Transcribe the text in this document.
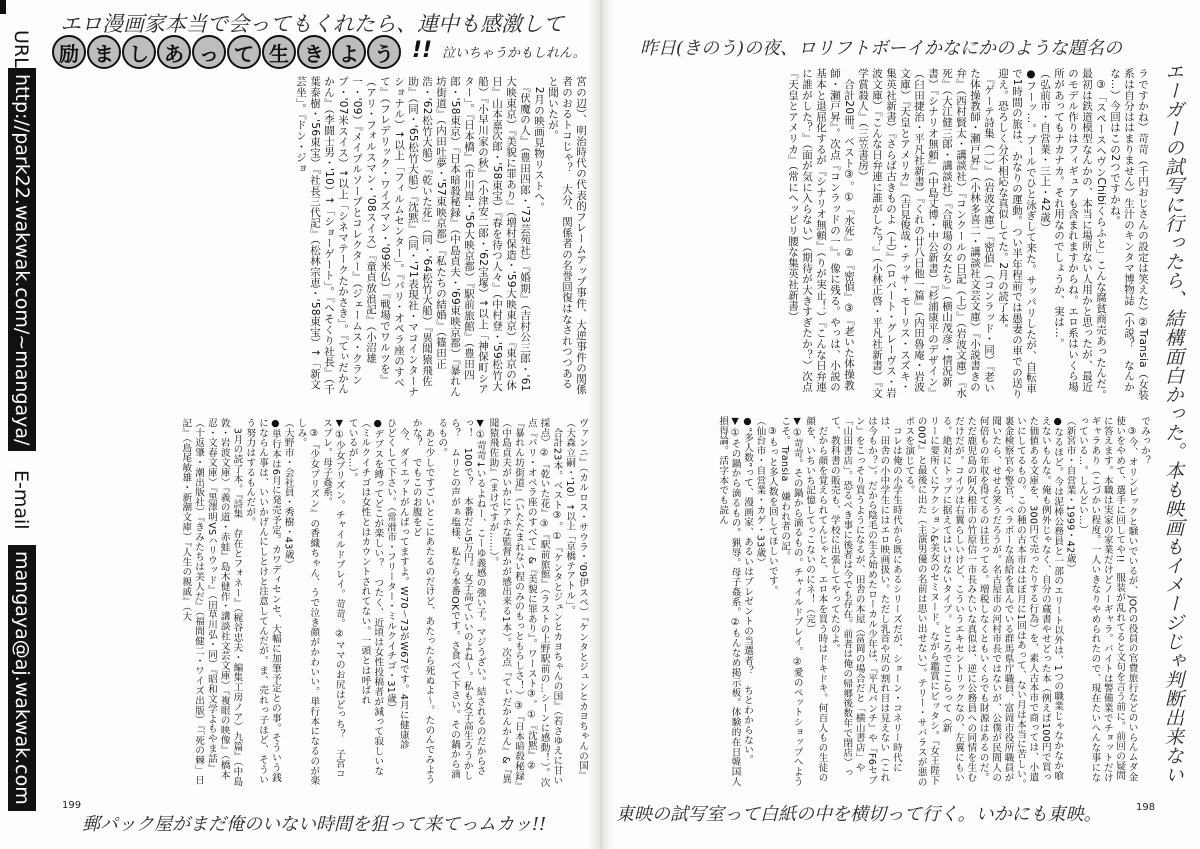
URL
http://park22.wakwak.com/~mangaya/
E-mail
mangaya@aj.wakwak.com
励 ま し あ っ て 生 き よ う !!
エロ漫画家本当で会ってもくれたら、連中も感激して
泣いちゃうかもしれん。	昨日(きのう)の夜、ロリフトボーイかなにかのような題名の
エーガーの試写に行ったら、結構面白かった。本も映画もイメージじゃ判断出来ない
郵パック屋がまだ俺のいない時間を狙って来てっムカッ!!	東映の試写室って白紙の中を横切って行く。いかにも東映。
199	198

宮の辺）、明治時代の代表的フレームアップ事件、大逆事件の関係者のおるトコじゃ？　大分、関係者の名誉回復はなされつつあると聞いたが。

　2月の映画見物リストへ。

　『伏魔の人』（豊田四郎・'73芸苑社）『婚期』（吉村公三郎・'61大映東京）『美貌に罪あり』（増村保造・'59大映東京）『東京の休日』山本嘉次郎・'58東宝）『春を待つ人々』（中村登・'59松竹大船）『小早川家の秋』（小津安二郎・'62宝塚）↑以上「神保町シアター」。『日本橋』（市川崑・'56大映京都）『駅前旅館』（豊田四郎・'58東京）『日本暗殺秘録』（中島貞夫・'69東映京都）『暴れん坊街道』（内田吐夢・'57東映京都）『私たちの結婚』（篠田正浩・'62松竹大船）『乾いた花』（同・'64松竹大船）『異聞猿飛佐助』（同・'65松竹大船）『沈黙』（同・'71表現社・マコインターナショナル）↑以上「フィルムセンター」。『パリ・オペラ座のすべて』（フレデリック・ワイズマン・'09米仏）『戦場でワルツを』（アリ・フォルスマン・'08スイス）『童貞放浪記』（小沼雄一・'09）『メイプルソープとコレクター』（ジェームス・クランプ・'07米スイス）↑以上「シネマテークたかさき」。『てぃだかんかん』（李闘士男・'10）↑「ショーゲート」。『へそくり社長』（千葉泰樹・'56東宝）『社長三代記』（松林宗恵・'58東宝）↑「新文芸坐」。『ドン・ジョ

ヴァンニ』（カルロス・サウラ・'09伊スペ）『ケンタとジュンとカヨちゃんの国』（大森立嗣・'10）↑以上「京橋テアトル」。

　合計23本。ベスト③。①『ケンタとジュンとカヨちゃんの国』（若さゆえに甘い採点）②『乾いた花』③『駅前旅館』（ラストの上野駅前の…シーンに感動！）。次点『パリ・オペラ座のすべて』&『美貌に罪あり』。ワースト③。①『沈黙』②『暴れん坊街道』（いたたまれない程のみのもっともらしさ！）③『日本暗殺秘録』（中島貞夫がいかにアホな監督かが感出来る1本）。次点『てぃだかんかん』&『異聞猿飛佐助』（まけですが……）。

▼①苛苛↓いるよねー、こーゆ義感の強い子。マジうざい。結されるのだからさっ！　100で？　本番だと5万円。女子高ていいのよね〜。私も女子高生ろうかしら？　ムリとの声がぁ塩様、私なら本番OKです。さ食べて下さい。その鍋から滴るもの。

　あと少しですごいとこにあたるのだけど、あたったら死ぬよ〜。たのんでみようかな？　でもこのお腹をど

　今、ダイエットがんばってますよ。W70〜73がW67です。4月に健康診

ひどくして下さい。（常滑市・フリーター・ミルクイチゴ・31歳）

●デブスを縛ってどこが楽しい？　つたく、近頃は女性投稿者が減って寂しいな（ミルクイチゴは女性とはカウントされてない。一頭とは呼ばれ

ているが…）。

▼①少女プリズン。チャイルドプレイ。苛苛。②ママのお尻はどっち？　子宮コスプレ。母子姦系。

　③『少女プリズン』の香織ちゃん、うで泣き顔がかわいい。単行本になるのが楽しみ。

（大野市・会社員・秀樹・43歳）

●単行本は6月に発売予定。カワディセンセ、大幅に加筆予定との事。そういう銭にならん事は、いいかげんにしとけと注意してんだが。ま、売れっ子ほど、そういう努力はするもんだが。

　3月の読了本。『詩集　存在とフォネー』（梶谷忠夫・編集工房ノア）九篇』（中島敦・岩波文庫）『義の道・赤蛙』島木健作・講談社文芸文庫）『複眼の映像』（橋本忍・文春文庫）『黒澤明VSハリウッド』（田草川弘・同）『昭和文学よもやま話』（十返肇・潮出版社）『きみたちは美人だ』（福間健二・ワイズ出版）『「死の棘」日記』（島尾敏雄・新潮文庫）『人生の親戚』（大

ラですかね）苛苛（千円おじさんの設定は笑えた）②Transia（女装系は自分ははまりません）生汁のキンタマ博物誌（小説？　なんかな…）今回はこの2つですかね。

　③「スペースヘヴンChibiくらふと」こんな腐貧商売あったんだ。最初は鉄道模型なんかの、本当に場所ない人用かと思ったが、最近のモデル作りはフィギュアも含まれますからね。エロ系はいくら場所があってもナカナカ。それ用なのでしょうか、実は…。

（弘前市・自営業・三上・42歳）

●フーッ…。プールでひと泳ぎして来た。サッパリしたが、自転車で1時間の旅は、かなりの運動。つい半年程前では愚妻の車での送り迎え。恐ろしく分不相応な真似してた。2月の読了本。

　『ゲーテ詩集（一）』（岩波文庫）『密偵』（コンラッド・同）『老いた体操教師・瀬戸昇』（小林多喜二・講談社文芸文庫）『小説書きの弁』（西村賢太・講談社）『コンクールの日記（上）』（岩波文庫）『水死』（大江健三郎・講談社）『合戦場の女たち』（横山茂彦・情況新書）『シナリオ無頼』（中島丈博・中公新書）『杉浦康平のデザイン』（臼田捷治・平凡社新書）『くれの廿八日他一篇』（内田魯庵・岩波文庫）『天皇とアメリカ』（吉見俊哉・テッサ・モーリス・スズキ・集英社新書）『さらば古きものよ（上）』（ロバート・グレーヴス・岩波文庫）『こんな日弁連に誰がした？』（小林正啓・平凡社新書）『文学賞殺人』（三笠書房）

　合計20冊。ベスト③。①『水死』②『密偵』③『老いた体操教師・瀬戸昇』。次点『コンラッドの一』。像に残る。やっは、小説の基本と退屈化するが『シナリオ無頼』（りが実止！）『こんな日弁連に誰がした？』（面が気に入らない）（期待が大きすぎたか？）次点『天皇とアメリカ』（常にヘッピリ腰な集英社新書）

でみっか？

　③今、オリンピックと騒いでいるが、JOCの役員の官費旅行などのいらんムダ金使いをやめて、選手に回してや!!　服装が乱れてると文句を言う前に。前回の疑問に答えます。本職は実家の家業だけどノーギャラ。バイトは警備業でチョットだけギャラあり（こづかい程度。一人いきなりやめられたので、現在たいへんな事になっている…。しんどい…）

（新宮市・自営業・1999・42歳）

●なるほど。今は泥棒公務員と一部のエリート以外は、1つの職業じゃなかなか喰えないもんな。俺も例外じゃなく、自分の蔵書やせどった本（例えば100円で買った価値ある文庫を、300円で売ったりする行為）を、素人古本市で商っては、小遣いにしてるもの。この種の古本市ははぼ月に1回はあって、ない月は本当に苦しい。裏金検察官や警官、ベラボーな高給を貪んでいる群馬県庁職員、富岡市役所職員が聞いたら、せせら笑うだろうが。名古屋市の河村市長ではないが、公僕が民間人の何倍もの年収を得てるのは狂ってる。増税しなくともいくらでも財源はあるのだ。ただ鹿児島の阿久根市の竹原信一市長みたいな真似は、逆に公務員への同情を生むだけだが。コイツは右翼らしいけど、こういうエキセントリックなの、左翼にもいる。絶対にトップに据えてはいけないタイプ。ところでここらって（新

リーに要所くにアクション&美女のセミヌード。ながら鑑賞にピッタシ。『女王陛下の007』と最後に出た（主演男優の名前は思い出せない）。テリー・サバラスが悪のボスを演じてる。

　コレは俺の小学生時代から既にあるシリーズだが、ショーン・コネリー時代には、田舎の小中学生にはエロ映画扱い。ただし乳首や尻の割れ目は見えない（これは今もか？）。だから陰毛の生え始めたローカル少年は、『平凡パンチ』や『F6セブン』をこっそり買うようになるが、田舎の本屋（富岡の場合だと「横山書店」や「山田書店」。恐るべき事に後者は今でも存在。前者は俺の帰郷後数年で閉店）って、教科書の販売も、学校に出張してやってたのよ。

　だから顔を覚えられてんじゃと、エロ本を買う時はドキドキ。何百人もの生徒の顔を、いちいち記憶してっこないのにネ！（完）

▼①苛苛。その鍋から滴るもの。チャイルドプレイ。②愛のペットショップへようこそ。Transia　嫌われ者の記。

　③もっと多人数を回してほしいです。

（仙台市・自営業・カゲ・33歳）

●“多人数”って、漫画家、あるいはプレゼントの当選者？　ちとわからない。

▼①その鍋から滴るもの。猟辱。母子姦系。②もんなめ掲示板。体験的在日韓国人損得論。活字本でも読ん
